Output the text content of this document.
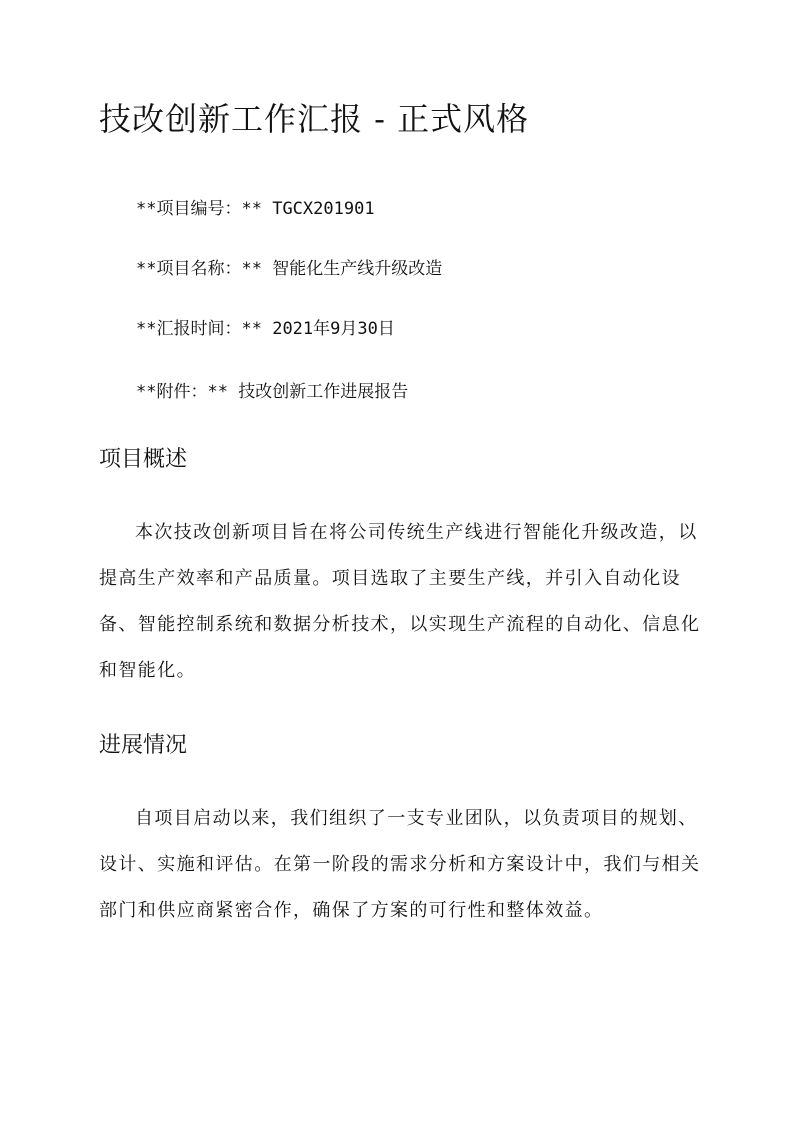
技改创新工作汇报 - 正式风格

**项目编号：** TGCX201901

**项目名称：** 智能化生产线升级改造

**汇报时间：** 2021年9月30日

**附件：** 技改创新工作进展报告

项目概述

本次技改创新项目旨在将公司传统生产线进行智能化升级改造，以提高生产效率和产品质量。项目选取了主要生产线，并引入自动化设备、智能控制系统和数据分析技术，以实现生产流程的自动化、信息化和智能化。

进展情况

自项目启动以来，我们组织了一支专业团队，以负责项目的规划、设计、实施和评估。在第一阶段的需求分析和方案设计中，我们与相关部门和供应商紧密合作，确保了方案的可行性和整体效益。
